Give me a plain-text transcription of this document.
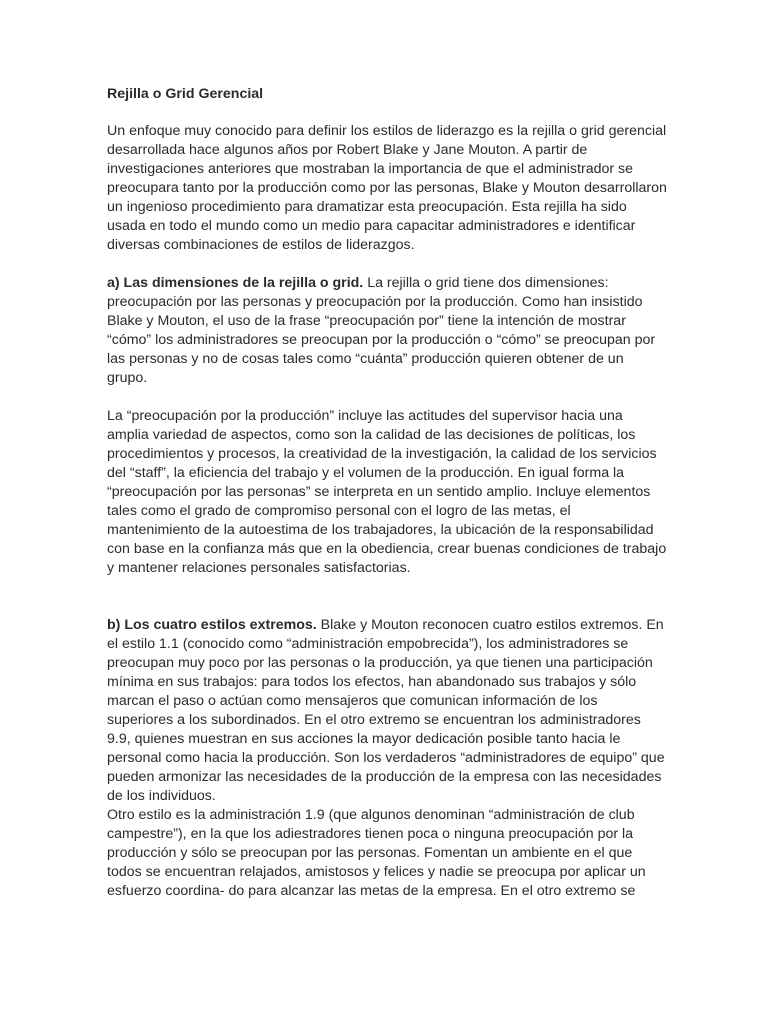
Rejilla o Grid Gerencial

Un enfoque muy conocido para definir los estilos de liderazgo es la rejilla o grid gerencial desarrollada hace algunos años por Robert Blake y Jane Mouton. A partir de investigaciones anteriores que mostraban la importancia de que el administrador se preocupara tanto por la producción como por las personas, Blake y Mouton desarrollaron un ingenioso procedimiento para dramatizar esta preocupación. Esta rejilla ha sido usada en todo el mundo como un medio para capacitar administradores e identificar diversas combinaciones de estilos de liderazgos.

a) Las dimensiones de la rejilla o grid. La rejilla o grid tiene dos dimensiones: preocupación por las personas y preocupación por la producción. Como han insistido Blake y Mouton, el uso de la frase “preocupación por” tiene la intención de mostrar “cómo” los administradores se preocupan por la producción o “cómo” se preocupan por las personas y no de cosas tales como “cuánta” producción quieren obtener de un grupo.

La “preocupación por la producción” incluye las actitudes del supervisor hacia una amplia variedad de aspectos, como son la calidad de las decisiones de políticas, los procedimientos y procesos, la creatividad de la investigación, la calidad de los servicios del “staff”, la eficiencia del trabajo y el volumen de la producción. En igual forma la “preocupación por las personas” se interpreta en un sentido amplio. Incluye elementos tales como el grado de compromiso personal con el logro de las metas, el mantenimiento de la autoestima de los trabajadores, la ubicación de la responsabilidad con base en la confianza más que en la obediencia, crear buenas condiciones de trabajo y mantener relaciones personales satisfactorias.

b) Los cuatro estilos extremos. Blake y Mouton reconocen cuatro estilos extremos. En el estilo 1.1 (conocido como “administración empobrecida”), los administradores se preocupan muy poco por las personas o la producción, ya que tienen una participación mínima en sus trabajos: para todos los efectos, han abandonado sus trabajos y sólo marcan el paso o actúan como mensajeros que comunican información de los superiores a los subordinados. En el otro extremo se encuentran los administradores 9.9, quienes muestran en sus acciones la mayor dedicación posible tanto hacia le personal como hacia la producción. Son los verdaderos “administradores de equipo” que pueden armonizar las necesidades de la producción de la empresa con las necesidades de los individuos.

Otro estilo es la administración 1.9 (que algunos denominan “administración de club campestre”), en la que los adiestradores tienen poca o ninguna preocupación por la producción y sólo se preocupan por las personas. Fomentan un ambiente en el que todos se encuentran relajados, amistosos y felices y nadie se preocupa por aplicar un esfuerzo coordina- do para alcanzar las metas de la empresa. En el otro extremo se
